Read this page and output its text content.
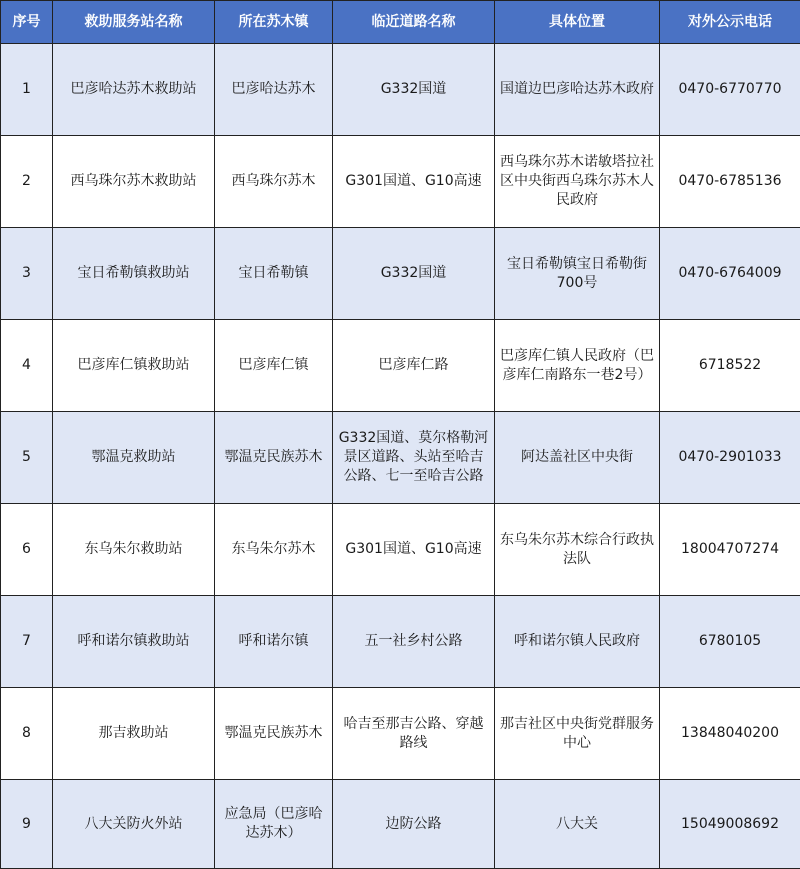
序号	救助服务站名称	所在苏木镇	临近道路名称	具体位置	对外公示电话
1	巴彦哈达苏木救助站	巴彦哈达苏木	G332国道	国道边巴彦哈达苏木政府	0470-6770770
2	西乌珠尔苏木救助站	西乌珠尔苏木	G301国道、G10高速	西乌珠尔苏木诺敏塔拉社区中央街西乌珠尔苏木人民政府	0470-6785136
3	宝日希勒镇救助站	宝日希勒镇	G332国道	宝日希勒镇宝日希勒街700号	0470-6764009
4	巴彦库仁镇救助站	巴彦库仁镇	巴彦库仁路	巴彦库仁镇人民政府（巴彦库仁南路东一巷2号）	6718522
5	鄂温克救助站	鄂温克民族苏木	G332国道、莫尔格勒河景区道路、头站至哈吉公路、七一至哈吉公路	阿达盖社区中央街	0470-2901033
6	东乌朱尔救助站	东乌朱尔苏木	G301国道、G10高速	东乌朱尔苏木综合行政执法队	18004707274
7	呼和诺尔镇救助站	呼和诺尔镇	五一社乡村公路	呼和诺尔镇人民政府	6780105
8	那吉救助站	鄂温克民族苏木	哈吉至那吉公路、穿越路线	那吉社区中央街党群服务中心	13848040200
9	八大关防火外站	应急局（巴彦哈达苏木）	边防公路	八大关	15049008692
